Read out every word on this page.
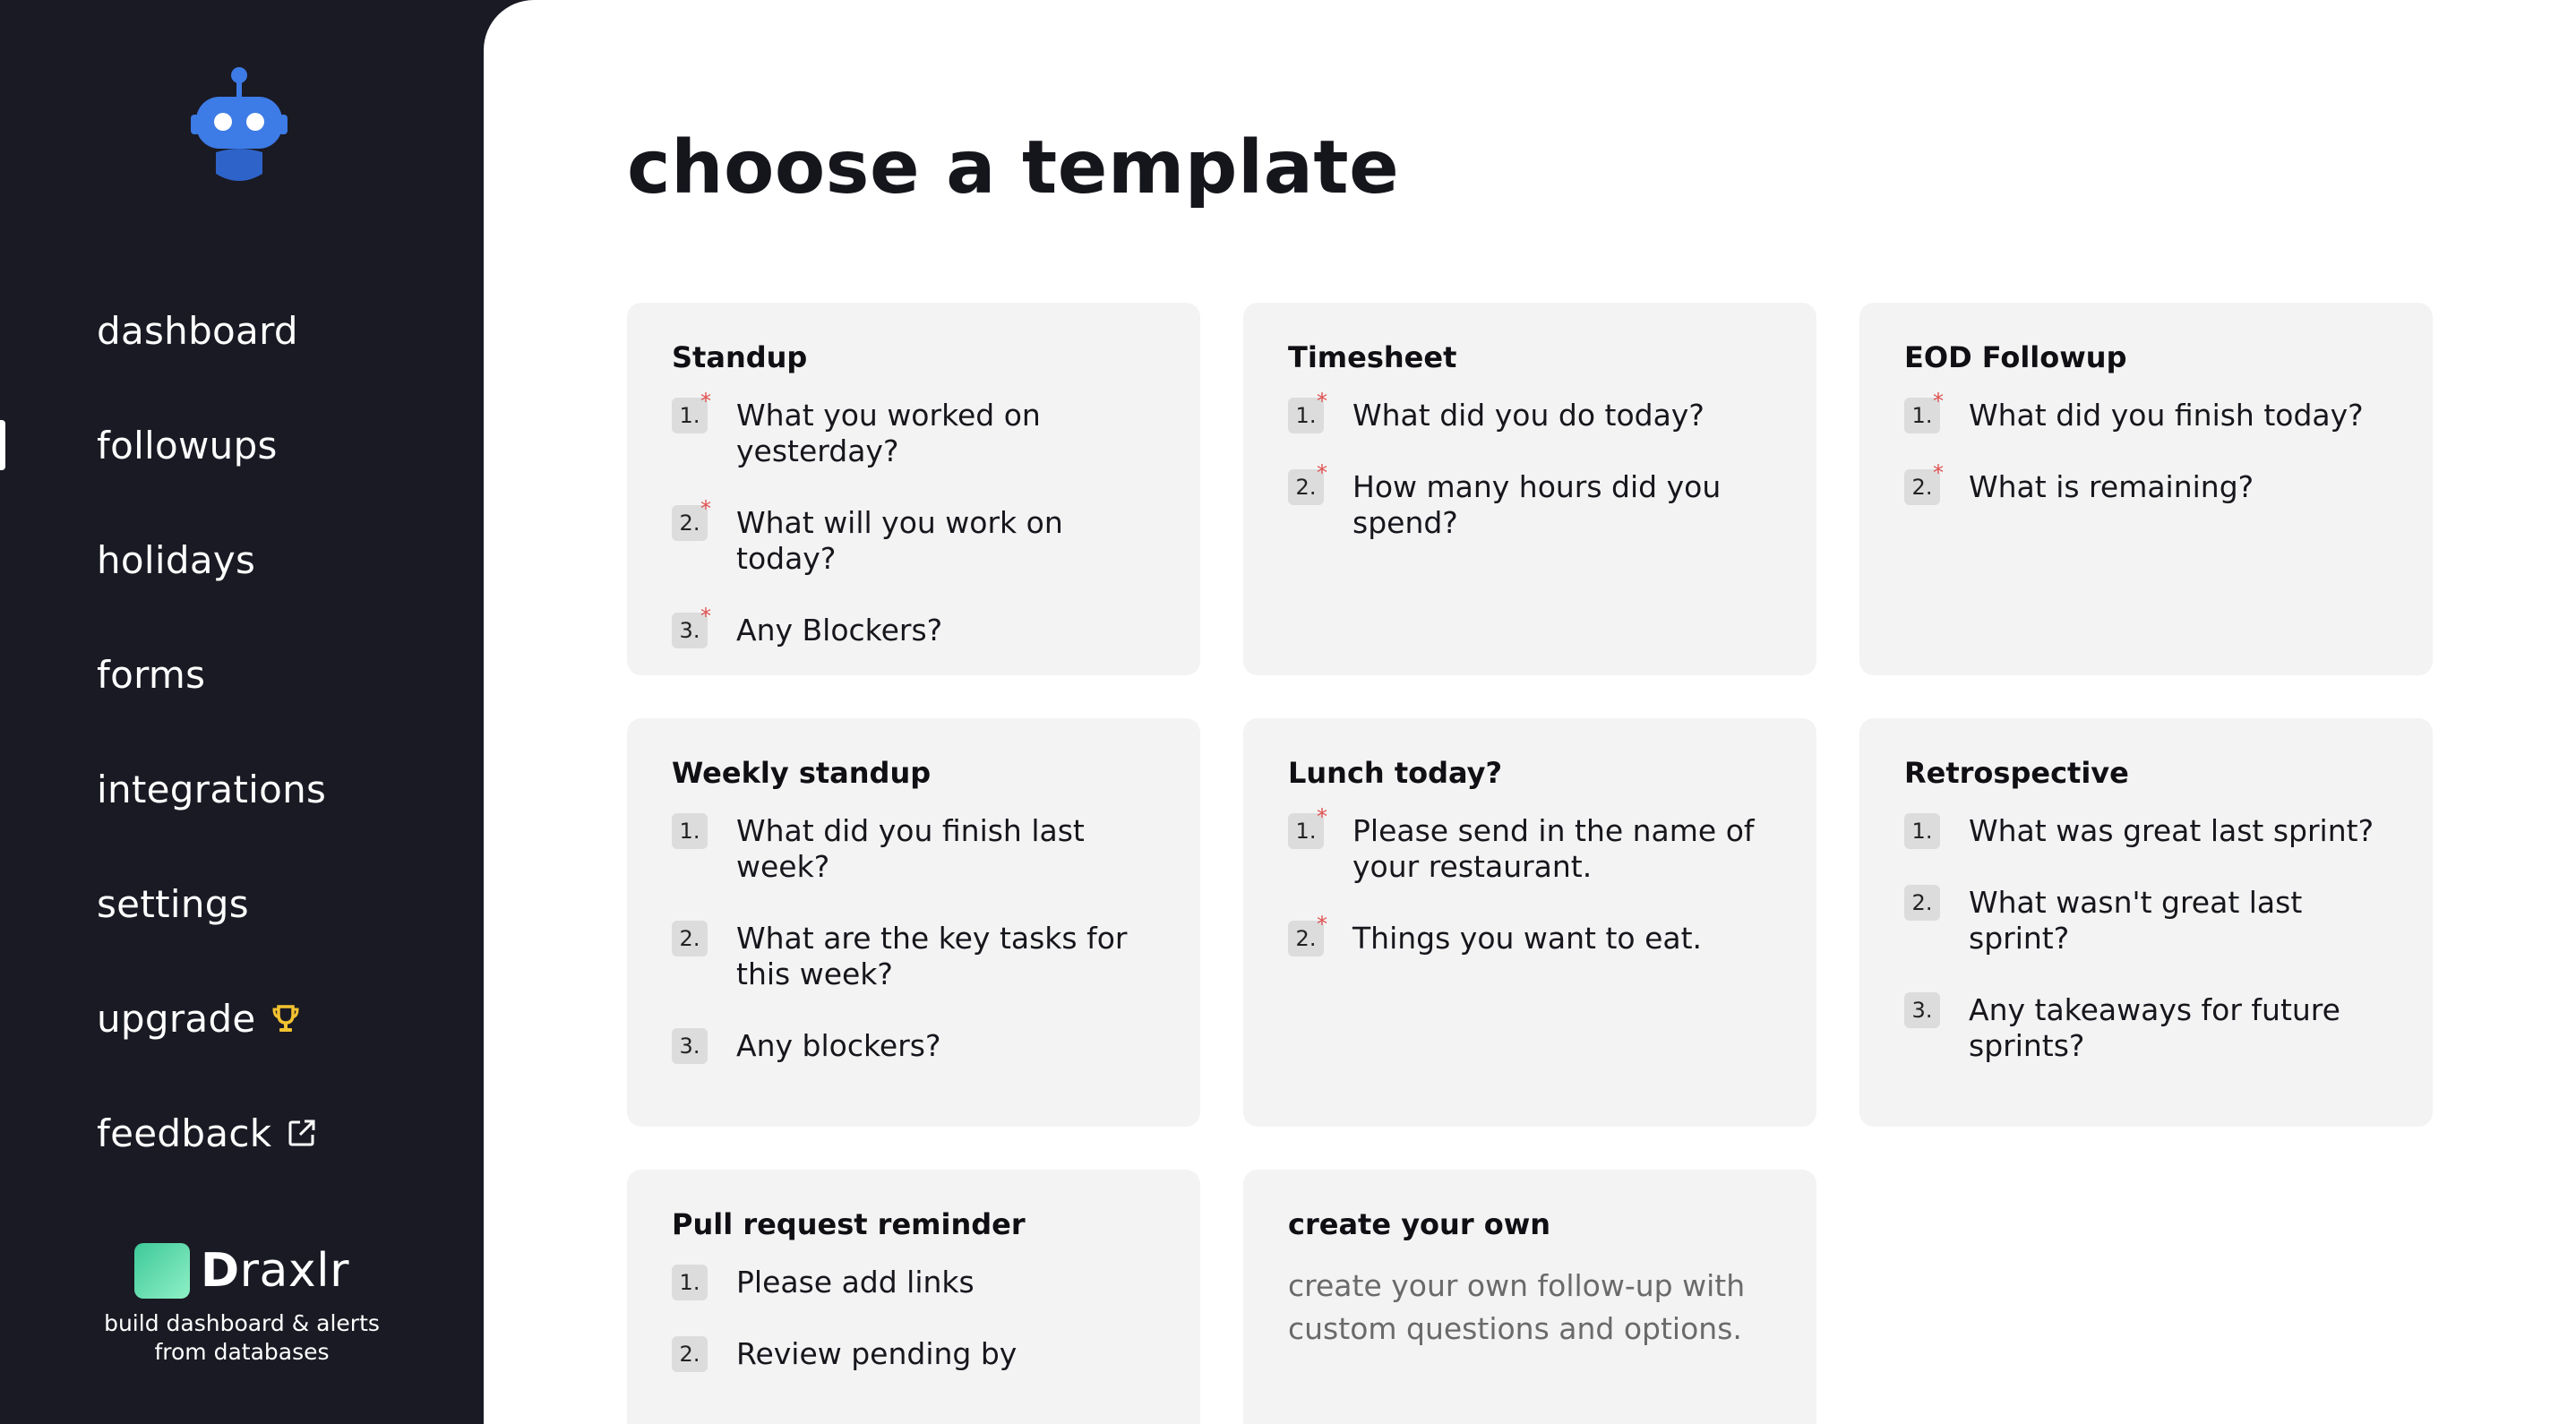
dashboard
followups
holidays
forms
integrations
settings
upgrade
feedback
Draxlr
build dashboard & alerts from databases
choose a template
Standup
1.
* What you worked on yesterday?
2.
* What will you work on today?
3.
* Any Blockers?
Timesheet
1.
* What did you do today?
2.
* How many hours did you spend?
EOD Followup
1.
* What did you finish today?
2.
* What is remaining?
Weekly standup
1. What did you finish last week?
2. What are the key tasks for this week?
3. Any blockers?
Lunch today?
1.
* Please send in the name of your restaurant.
2.
* Things you want to eat.
Retrospective
1. What was great last sprint?
2. What wasn't great last sprint?
3. Any takeaways for future sprints?
Pull request reminder
1. Please add links
2. Review pending by
create your own
create your own follow-up with custom questions and options.
